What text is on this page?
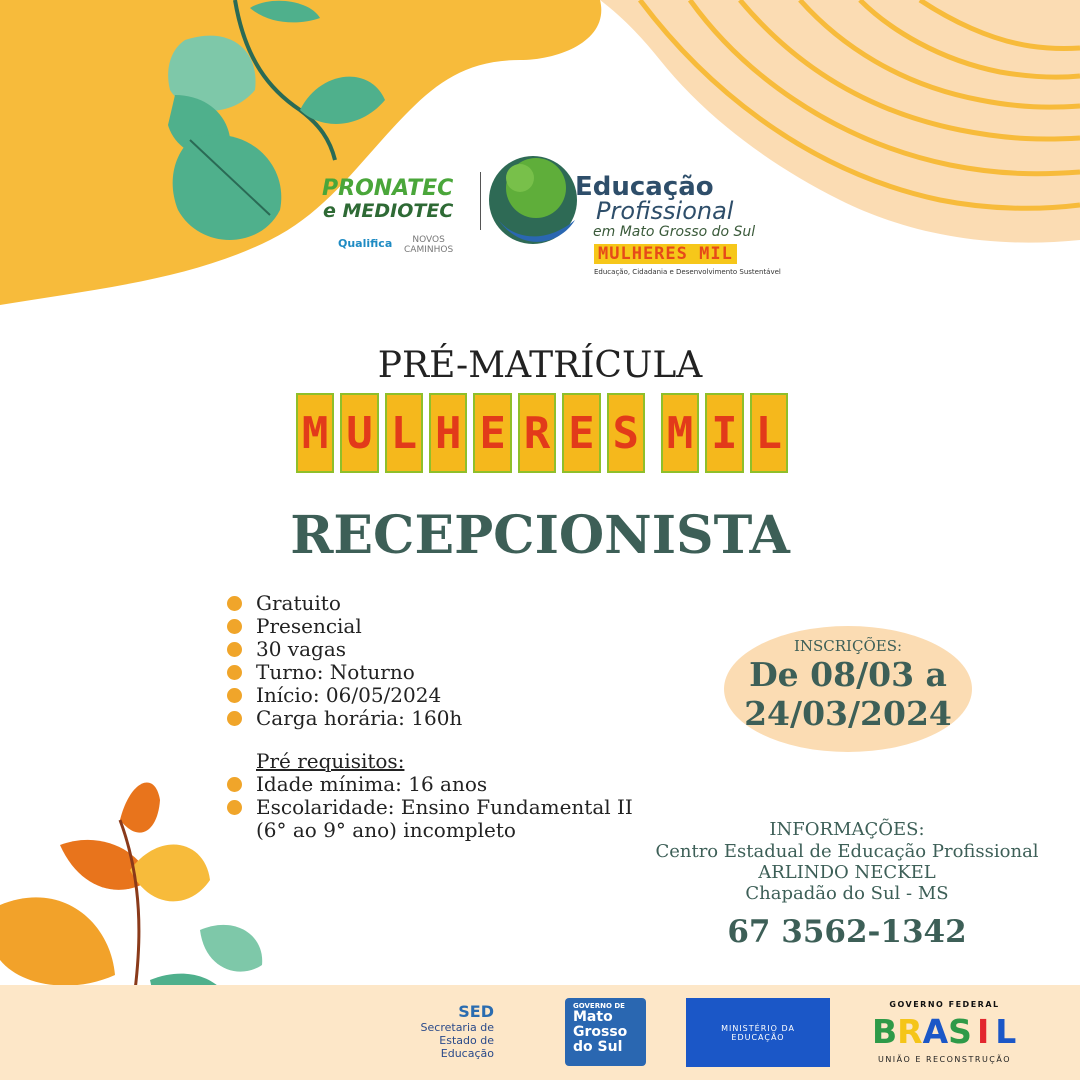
PRONATEC
e MEDIOTEC
Qualifica	NOVOS
CAMINHOS
Educação
Profissional
em Mato Grosso do Sul
MULHERES MIL
Educação, Cidadania e Desenvolvimento Sustentável
PRÉ-MATRÍCULA
M U L H E R E S M I L
RECEPCIONISTA
Gratuito
Presencial
30 vagas
Turno: Noturno
Início: 06/05/2024
Carga horária: 160h
Pré requisitos:
Idade mínima: 16 anos
Escolaridade: Ensino Fundamental II
(6° ao 9° ano) incompleto
INSCRIÇÕES:
De 08/03 a
24/03/2024
INFORMAÇÕES:
Centro Estadual de Educação Profissional
ARLINDO NECKEL
Chapadão do Sul - MS
67 3562-1342
SED
Secretaria de
Estado de
Educação
GOVERNO DE
Mato
Grosso
do Sul
MINISTÉRIO DA EDUCAÇÃO
GOVERNO FEDERAL
B R A S I L
UNIÃO E RECONSTRUÇÃO
